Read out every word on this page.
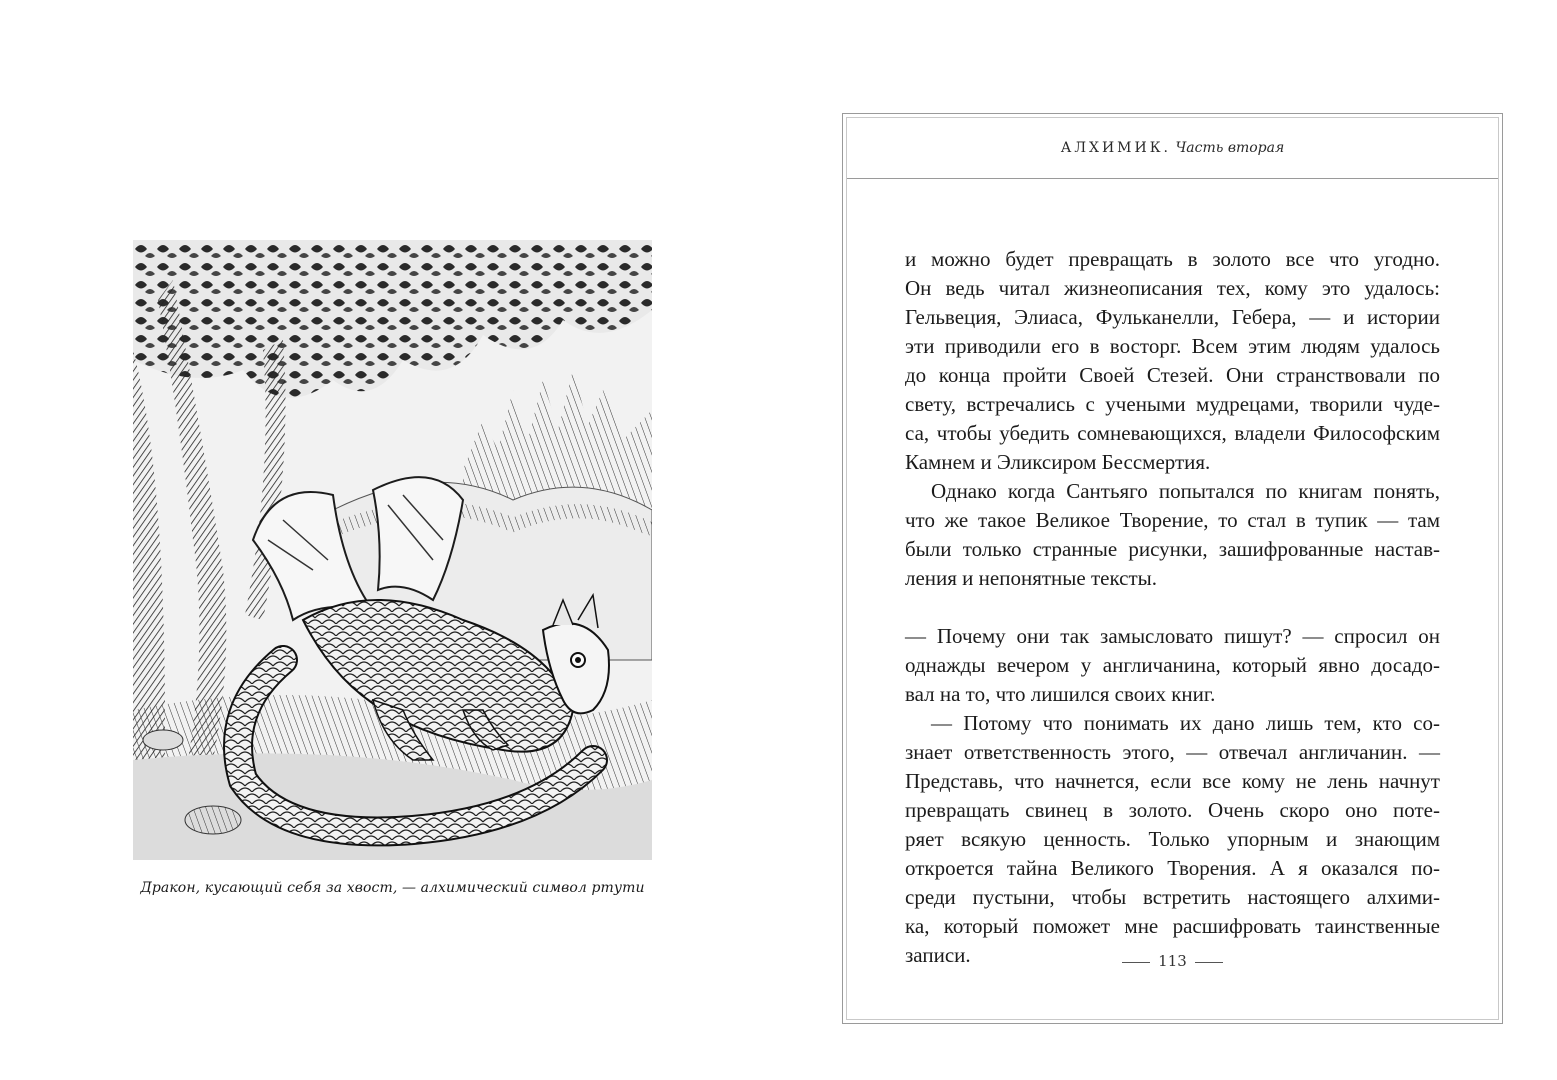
Дракон, кусающий себя за хвост, — алхимический символ ртути
АЛХИМИК. Часть вторая
и можно будет превращать в золото все что угодно.
Он ведь читал жизнеописания тех, кому это удалось:
Гельвеция, Элиаса, Фульканелли, Гебера, — и истории
эти приводили его в восторг. Всем этим людям удалось
до конца пройти Своей Стезей. Они странствовали по
свету, встречались с учеными мудрецами, творили чуде-
са, чтобы убедить сомневающихся, владели Философским
Камнем и Эликсиром Бессмертия.
Однако когда Сантьяго попытался по книгам понять,
что же такое Великое Творение, то стал в тупик — там
были только странные рисунки, зашифрованные настав-
ления и непонятные тексты.
— Почему они так замысловато пишут? — спросил он
однажды вечером у англичанина, который явно досадо-
вал на то, что лишился своих книг.
— Потому что понимать их дано лишь тем, кто со-
знает ответственность этого, — отвечал англичанин. —
Представь, что начнется, если все кому не лень начнут
превращать свинец в золото. Очень скоро оно поте-
ряет всякую ценность. Только упорным и знающим
откроется тайна Великого Творения. А я оказался по-
среди пустыни, чтобы встретить настоящего алхими-
ка, который поможет мне расшифровать таинственные
записи.	113
